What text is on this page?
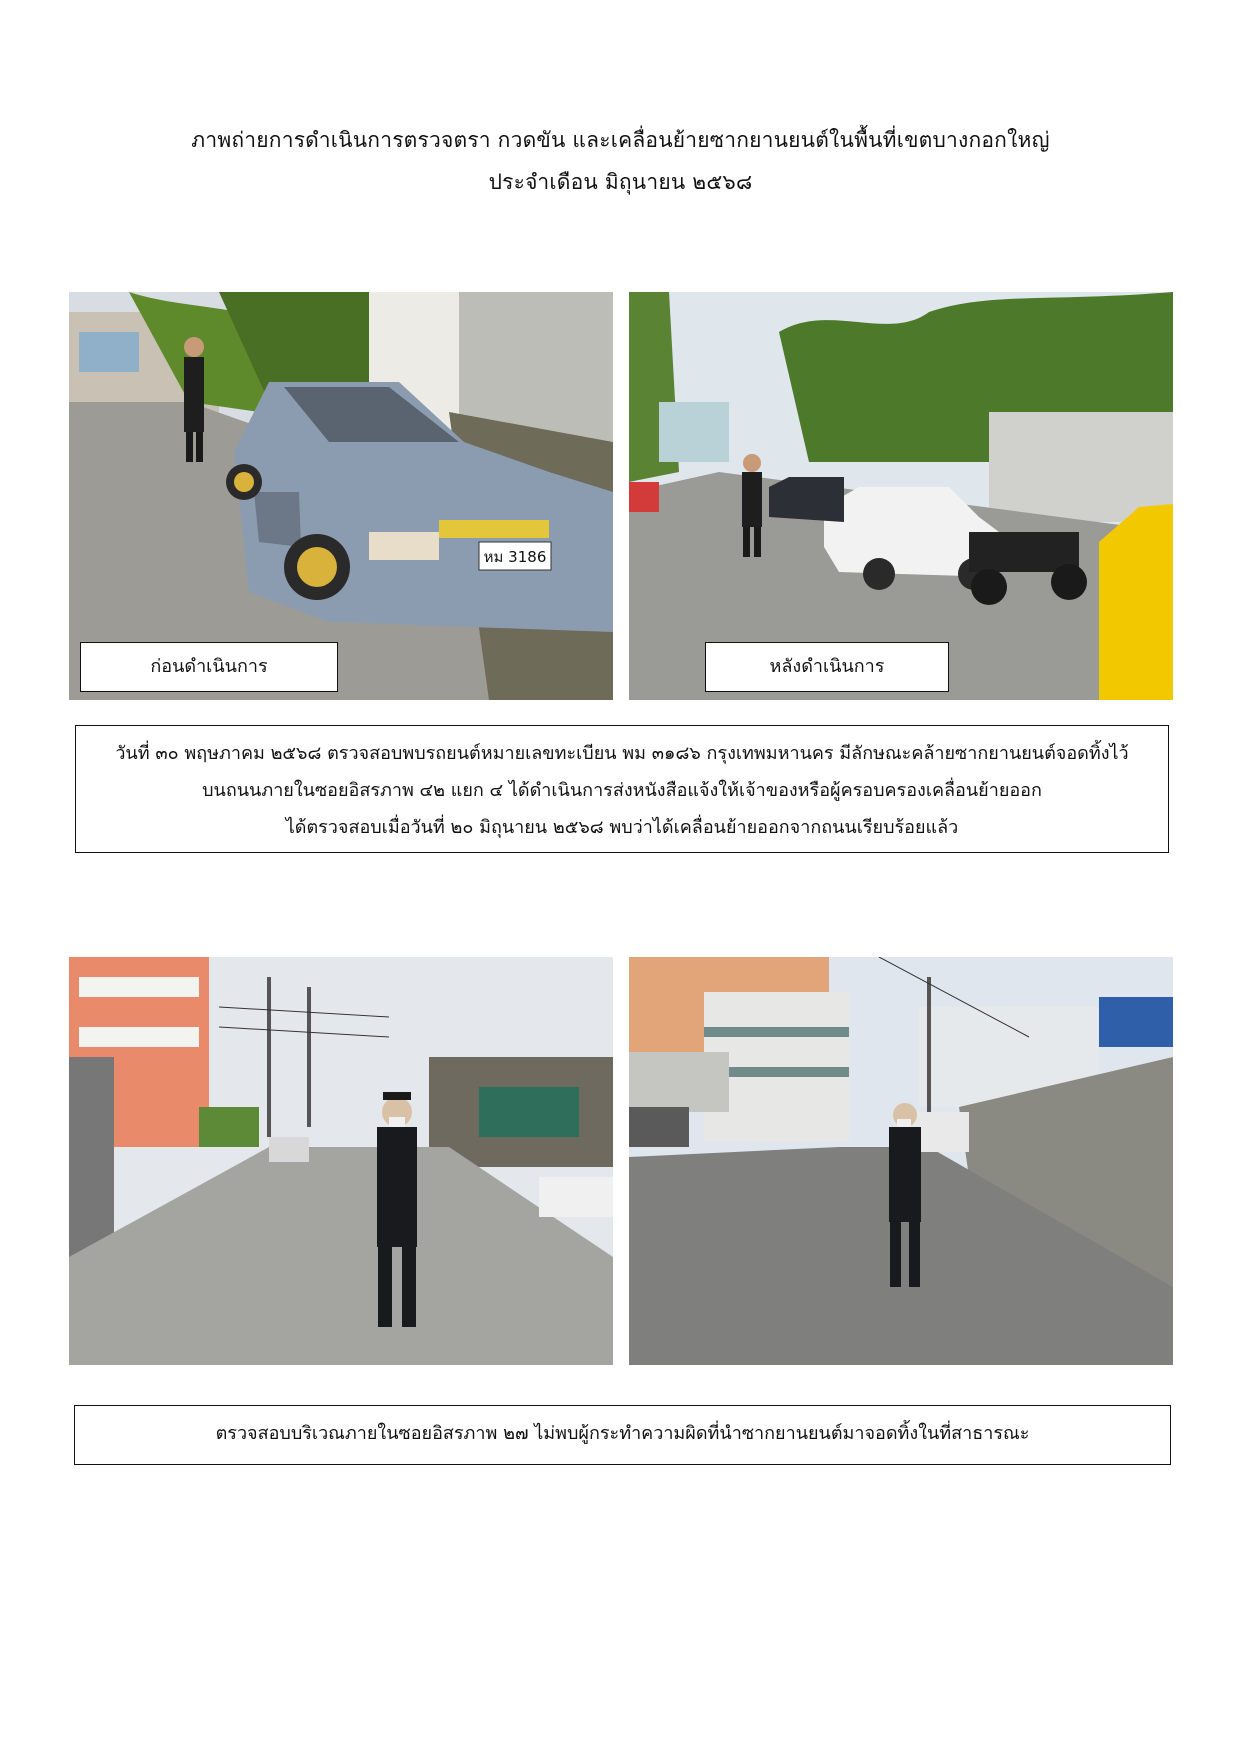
ภาพถ่ายการดำเนินการตรวจตรา กวดขัน และเคลื่อนย้ายซากยานยนต์ในพื้นที่เขตบางกอกใหญ่
ประจำเดือน มิถุนายน ๒๕๖๘
หม 3186
ก่อนดำเนินการ	หลังดำเนินการ
วันที่ ๓๐ พฤษภาคม ๒๕๖๘ ตรวจสอบพบรถยนต์หมายเลขทะเบียน พม ๓๑๘๖ กรุงเทพมหานคร มีลักษณะคล้ายซากยานยนต์จอดทิ้งไว้
บนถนนภายในซอยอิสรภาพ ๔๒ แยก ๔ ได้ดำเนินการส่งหนังสือแจ้งให้เจ้าของหรือผู้ครอบครองเคลื่อนย้ายออก
ได้ตรวจสอบเมื่อวันที่ ๒๐ มิถุนายน ๒๕๖๘ พบว่าได้เคลื่อนย้ายออกจากถนนเรียบร้อยแล้ว
ตรวจสอบบริเวณภายในซอยอิสรภาพ ๒๗ ไม่พบผู้กระทำความผิดที่นำซากยานยนต์มาจอดทิ้งในที่สาธารณะ
